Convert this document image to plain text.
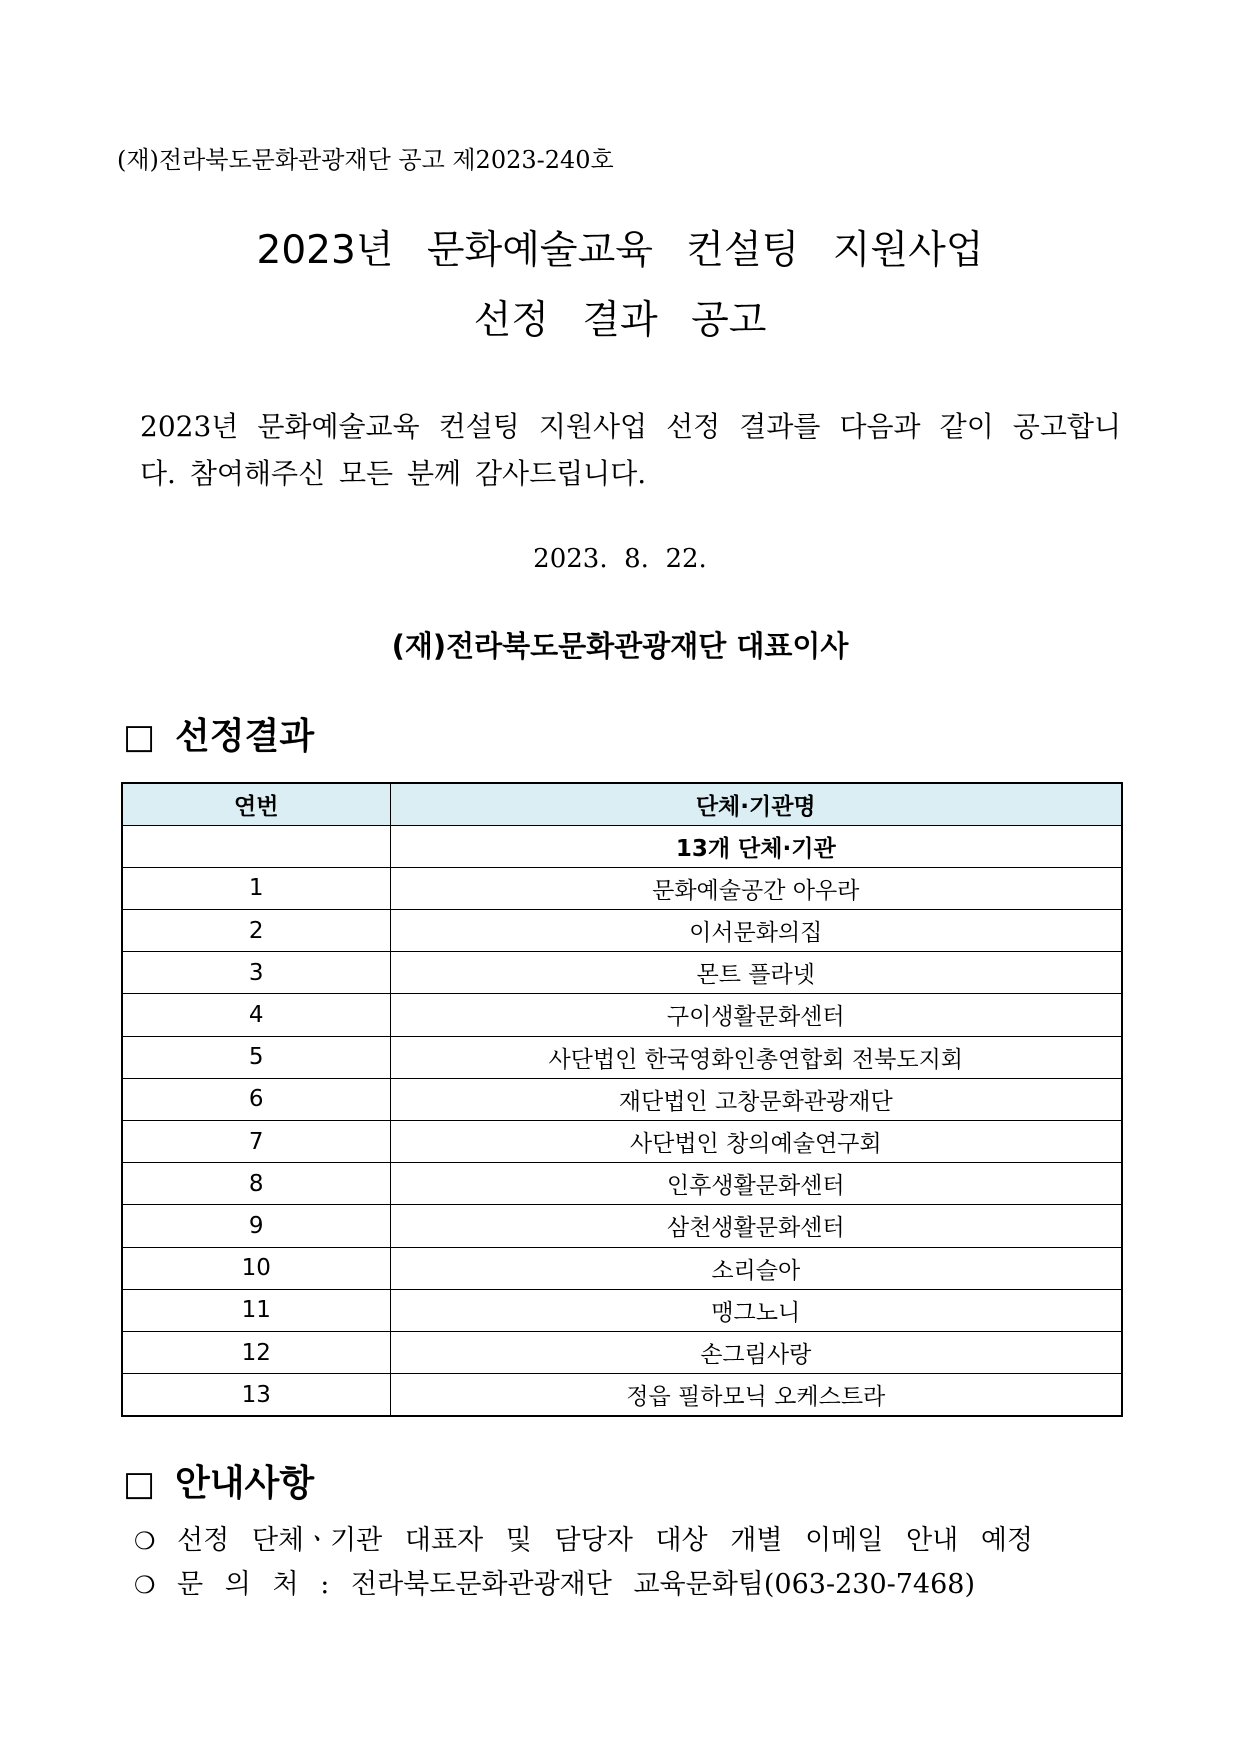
(재)전라북도문화관광재단 공고 제2023-240호
2023년 문화예술교육 컨설팅 지원사업
선정 결과 공고
2023년 문화예술교육 컨설팅 지원사업 선정 결과를 다음과 같이 공고합니
다. 참여해주신 모든 분께 감사드립니다.
2023.  8.  22.
(재)전라북도문화관광재단 대표이사
□ 선정결과
연번	단체·기관명
	13개 단체·기관
1	문화예술공간 아우라
2	이서문화의집
3	몬트 플라넷
4	구이생활문화센터
5	사단법인 한국영화인총연합회 전북도지회
6	재단법인 고창문화관광재단
7	사단법인 창의예술연구회
8	인후생활문화센터
9	삼천생활문화센터
10	소리슬아
11	맹그노니
12	손그림사랑
13	정읍 필하모닉 오케스트라
□ 안내사항
❍ 선정 단체ㆍ기관 대표자 및 담당자 대상 개별 이메일 안내 예정
❍ 문 의 처 : 전라북도문화관광재단 교육문화팀(063-230-7468)
